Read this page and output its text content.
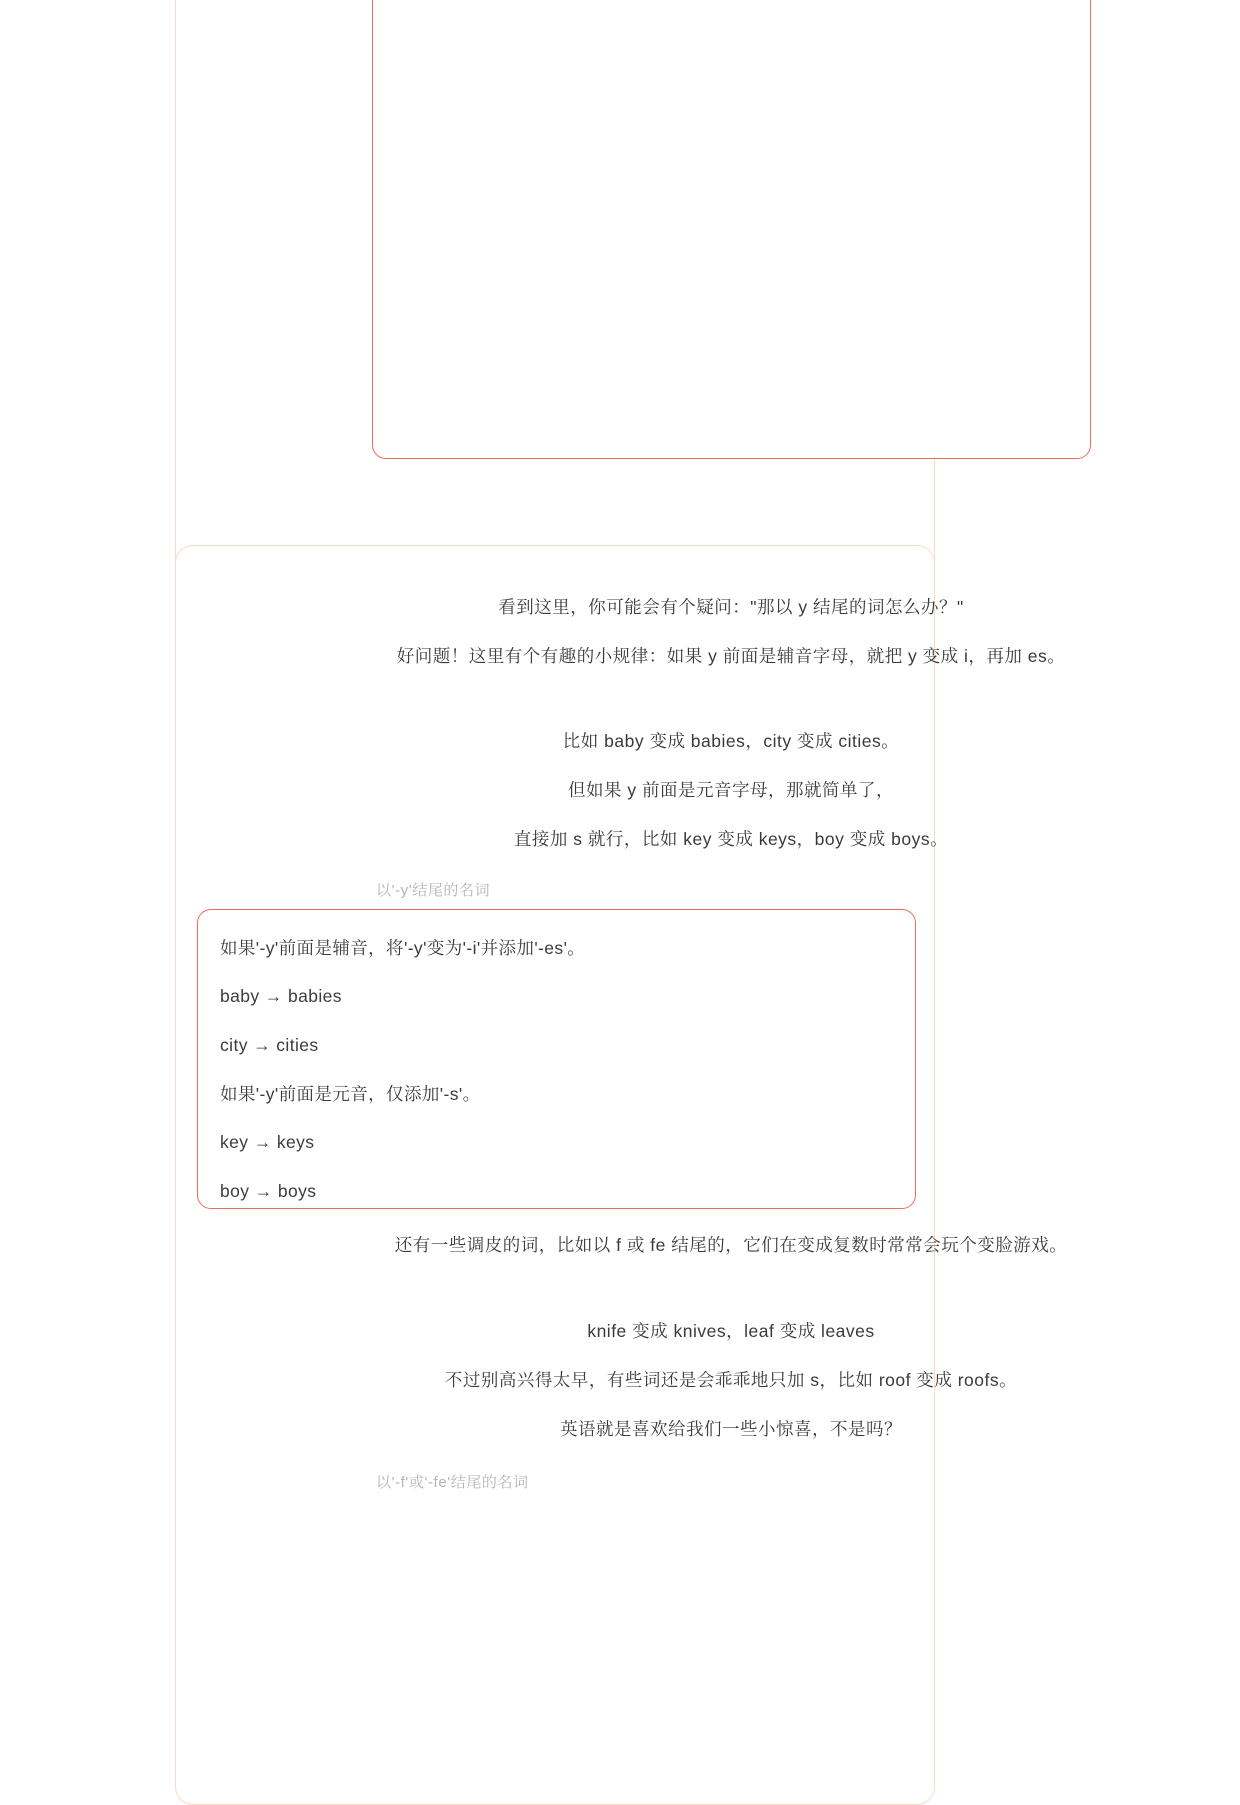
看到这里，你可能会有个疑问："那以 y 结尾的词怎么办？"
好问题！这里有个有趣的小规律：如果 y 前面是辅音字母，就把 y 变成 i，再加 es。
比如 baby 变成 babies，city 变成 cities。
但如果 y 前面是元音字母，那就简单了，
直接加 s 就行，比如 key 变成 keys，boy 变成 boys。
以'-y'结尾的名词
如果'-y'前面是辅音，将'-y'变为'-i'并添加'-es'。
baby → babies
city → cities
如果'-y'前面是元音，仅添加'-s'。
key → keys
boy → boys
还有一些调皮的词，比如以 f 或 fe 结尾的，它们在变成复数时常常会玩个变脸游戏。
knife 变成 knives，leaf 变成 leaves
不过别高兴得太早，有些词还是会乖乖地只加 s，比如 roof 变成 roofs。
英语就是喜欢给我们一些小惊喜，不是吗？
以'-f'或'-fe'结尾的名词
